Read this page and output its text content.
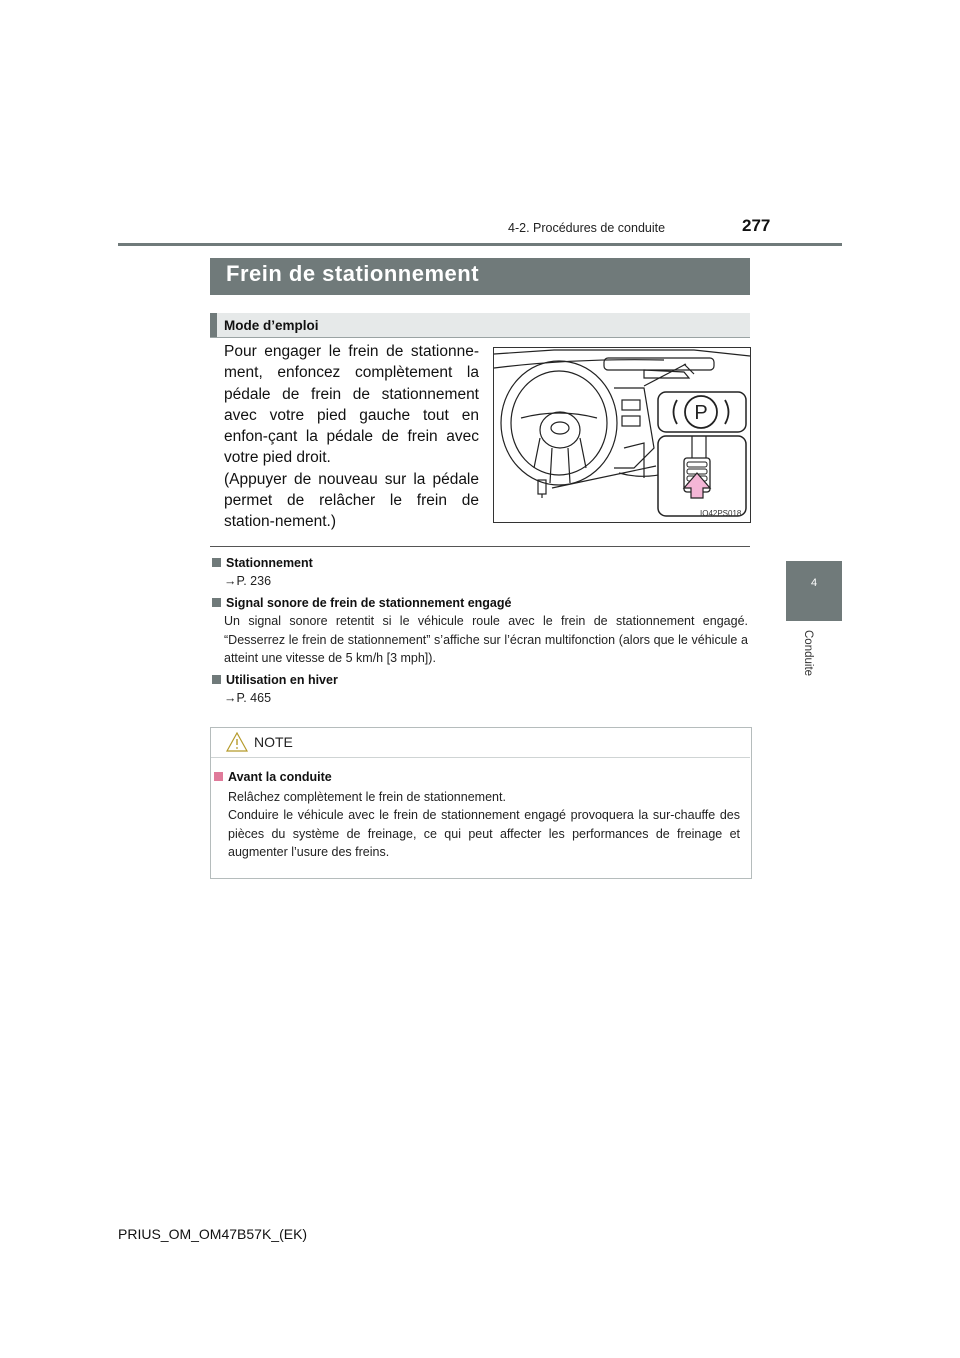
4-2. Procédures de conduite	277
4
Conduite
Frein de stationnement
Mode d’emploi

Pour engager le frein de stationne-ment, enfoncez complètement la pédale de frein de stationnement avec votre pied gauche tout en enfon-çant la pédale de frein avec votre pied droit.

(Appuyer de nouveau sur la pédale permet de relâcher le frein de station-nement.)

P
IO42PS018
Stationnement
→P. 236
Signal sonore de frein de stationnement engagé
Un signal sonore retentit si le véhicule roule avec le frein de stationnement engagé. “Desserrez le frein de stationnement” s’affiche sur l’écran multifonction (alors que le véhicule a atteint une vitesse de 5 km/h [3 mph]).
Utilisation en hiver
→P. 465
NOTE
Avant la conduite
Relâchez complètement le frein de stationnement.
Conduire le véhicule avec le frein de stationnement engagé provoquera la sur-chauffe des pièces du système de freinage, ce qui peut affecter les performances de freinage et augmenter l’usure des freins.
PRIUS_OM_OM47B57K_(EK)
